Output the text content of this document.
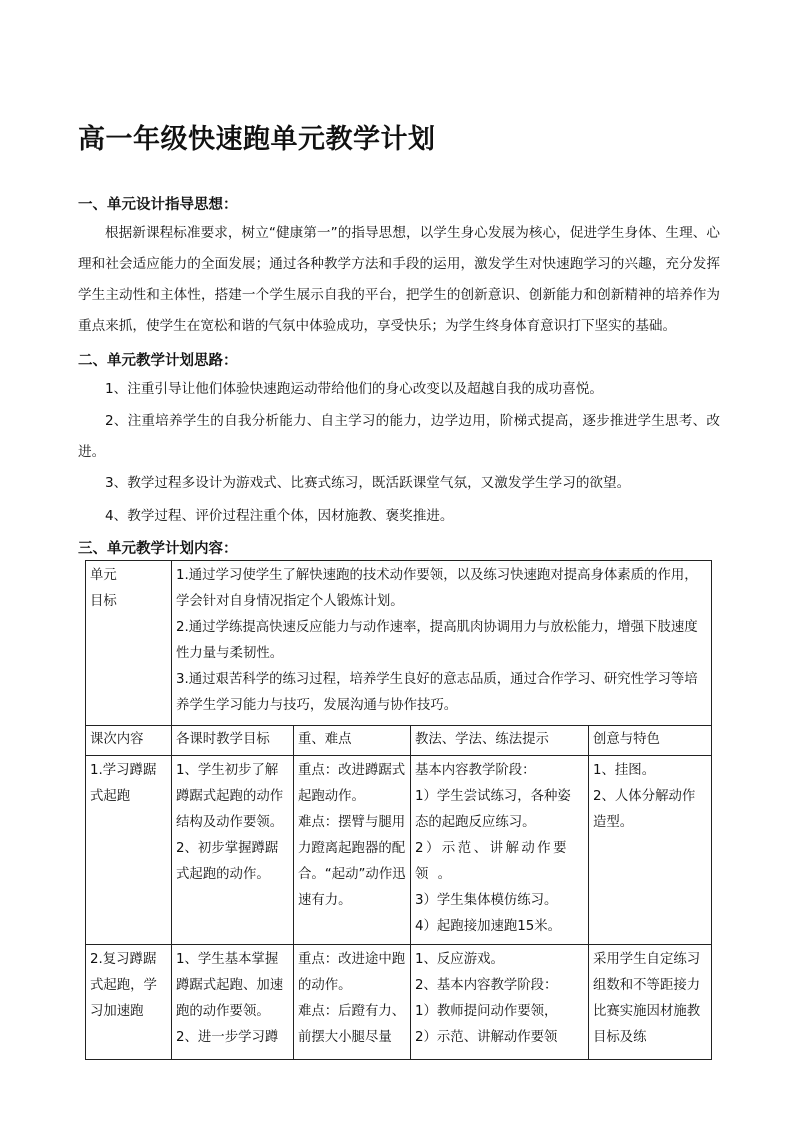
高一年级快速跑单元教学计划
一、单元设计指导思想：
根据新课程标准要求，树立“健康第一”的指导思想，以学生身心发展为核心，促进学生身体、生理、心理和社会适应能力的全面发展；通过各种教学方法和手段的运用，激发学生对快速跑学习的兴趣，充分发挥学生主动性和主体性，搭建一个学生展示自我的平台，把学生的创新意识、创新能力和创新精神的培养作为重点来抓，使学生在宽松和谐的气氛中体验成功，享受快乐；为学生终身体育意识打下坚实的基础。
二、单元教学计划思路：
1、注重引导让他们体验快速跑运动带给他们的身心改变以及超越自我的成功喜悦。
2、注重培养学生的自我分析能力、自主学习的能力，边学边用，阶梯式提高，逐步推进学生思考、改进。
3、教学过程多设计为游戏式、比赛式练习，既活跃课堂气氛，又激发学生学习的欲望。
4、教学过程、评价过程注重个体，因材施教、褒奖推进。
三、单元教学计划内容：
单元
目标	1.通过学习使学生了解快速跑的技术动作要领，以及练习快速跑对提高身体素质的作用，学会针对自身情况指定个人锻炼计划。
2.通过学练提高快速反应能力与动作速率，提高肌肉协调用力与放松能力，增强下肢速度性力量与柔韧性。
3.通过艰苦科学的练习过程，培养学生良好的意志品质，通过合作学习、研究性学习等培养学生学习能力与技巧，发展沟通与协作技巧。			

课次内容	各课时教学目标	重、难点	教法、学法、练法提示	创意与特色
1.学习蹲踞式起跑	1、学生初步了解蹲踞式起跑的动作结构及动作要领。
2、初步掌握蹲踞式起跑的动作。	重点：改进蹲踞式起跑动作。
难点：摆臂与腿用力蹬离起跑器的配合。“起动”动作迅速有力。	基本内容教学阶段：
1）学生尝试练习，各种姿态的起跑反应练习。
2）示范、讲解动作要领 。
3）学生集体模仿练习。
4）起跑接加速跑15米。	1、挂图。
2、人体分解动作造型。

2.复习蹲踞式起跑，学习加速跑	1、学生基本掌握蹲踞式起跑、加速跑的动作要领。
2、进一步学习蹲	重点：改进途中跑的动作。
难点：后蹬有力、前摆大小腿尽量	1、反应游戏。
2、基本内容教学阶段：
1）教师提问动作要领，
2）示范、讲解动作要领	采用学生自定练习组数和不等距接力比赛实施因材施教目标及练
